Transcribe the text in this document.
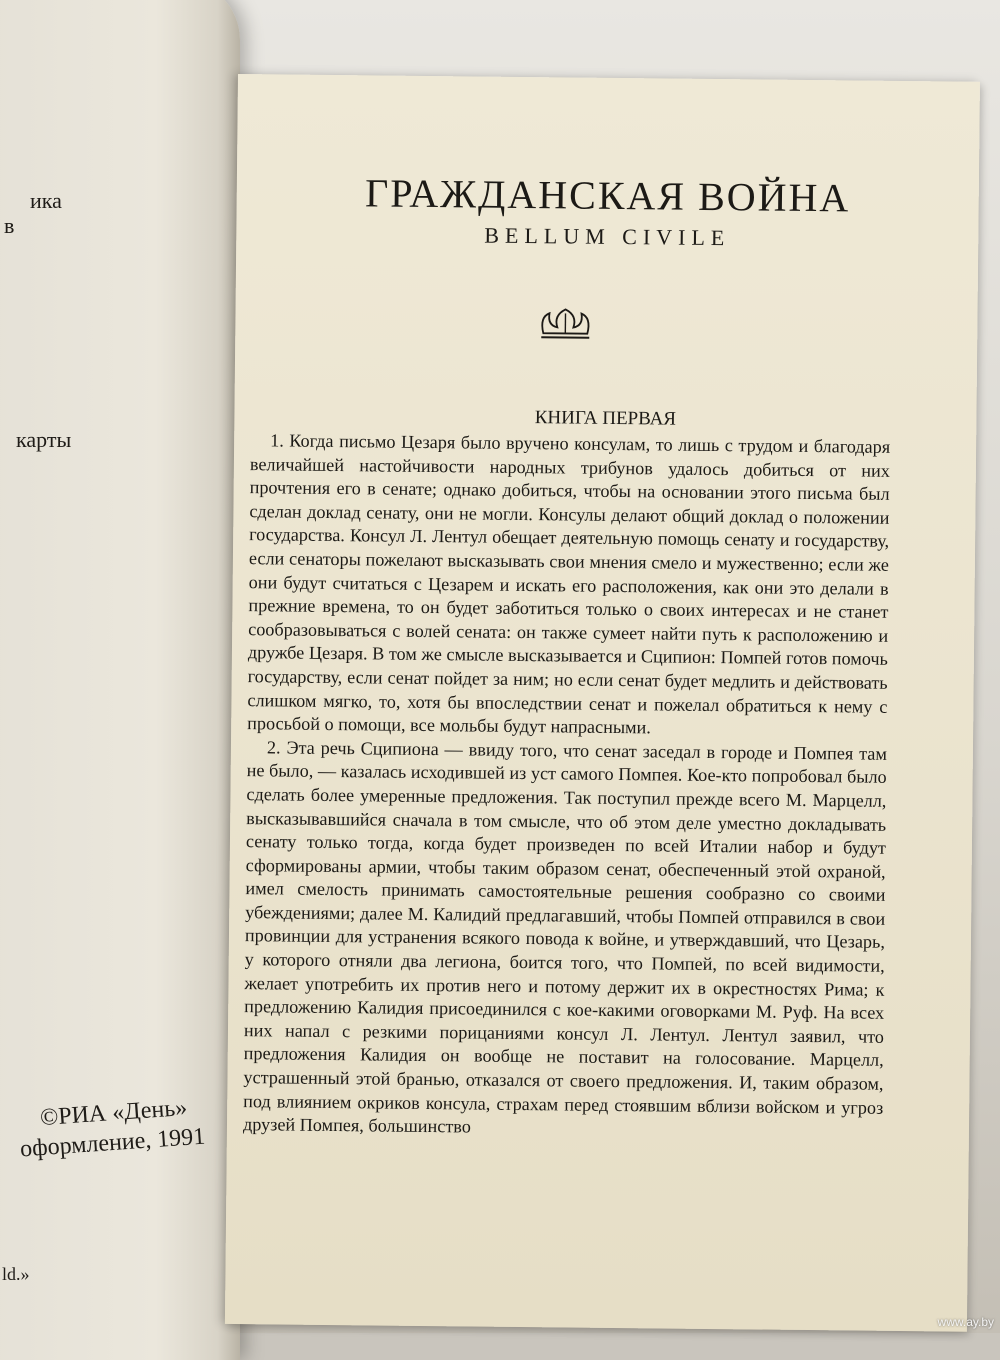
ика
в
карты
©РИА «День»
оформление, 1991
ld.»
ГРАЖДАНСКАЯ ВОЙНА
BELLUM CIVILE
КНИГА ПЕРВАЯ

1. Когда письмо Цезаря было вручено консулам, то лишь с трудом и благодаря величайшей настойчивости народных трибунов удалось добиться от них прочтения его в сенате; однако добиться, чтобы на основании этого письма был сделан доклад сенату, они не могли. Консулы делают общий доклад о положении государства. Консул Л. Лентул обещает деятельную помощь сенату и государству, если сенаторы пожелают высказывать свои мнения смело и мужественно; если же они будут считаться с Цезарем и искать его расположения, как они это делали в прежние времена, то он будет заботиться только о своих интересах и не станет сообразовываться с волей сената: он также сумеет найти путь к расположению и дружбе Цезаря. В том же смысле высказывается и Сципион: Помпей готов помочь государству, если сенат пойдет за ним; но если сенат будет медлить и действовать слишком мягко, то, хотя бы впоследствии сенат и пожелал обратиться к нему с просьбой о помощи, все мольбы будут напрасными.

2. Эта речь Сципиона — ввиду того, что сенат заседал в городе и Помпея там не было, — казалась исходившей из уст самого Помпея. Кое-кто попробовал было сделать более умеренные предложения. Так поступил прежде всего М. Марцелл, высказывавшийся сначала в том смысле, что об этом деле уместно докладывать сенату только тогда, когда будет произведен по всей Италии набор и будут сформированы армии, чтобы таким образом сенат, обеспеченный этой охраной, имел смелость принимать самостоятельные решения сообразно со своими убеждениями; далее М. Калидий предлагавший, чтобы Помпей отправился в свои провинции для устранения всякого повода к войне, и утверждавший, что Цезарь, у которого отняли два легиона, боится того, что Помпей, по всей видимости, желает употребить их против него и потому держит их в окрестностях Рима; к предложению Калидия присоединился с кое-какими оговорками М. Руф. На всех них напал с резкими порицаниями консул Л. Лентул. Лентул заявил, что предложения Калидия он вообще не поставит на голосование. Марцелл, устрашенный этой бранью, отказался от своего предложения. И, таким образом, под влиянием окриков консула, страхам перед стоявшим вблизи войском и угроз друзей Помпея, большинство

www.ay.by
